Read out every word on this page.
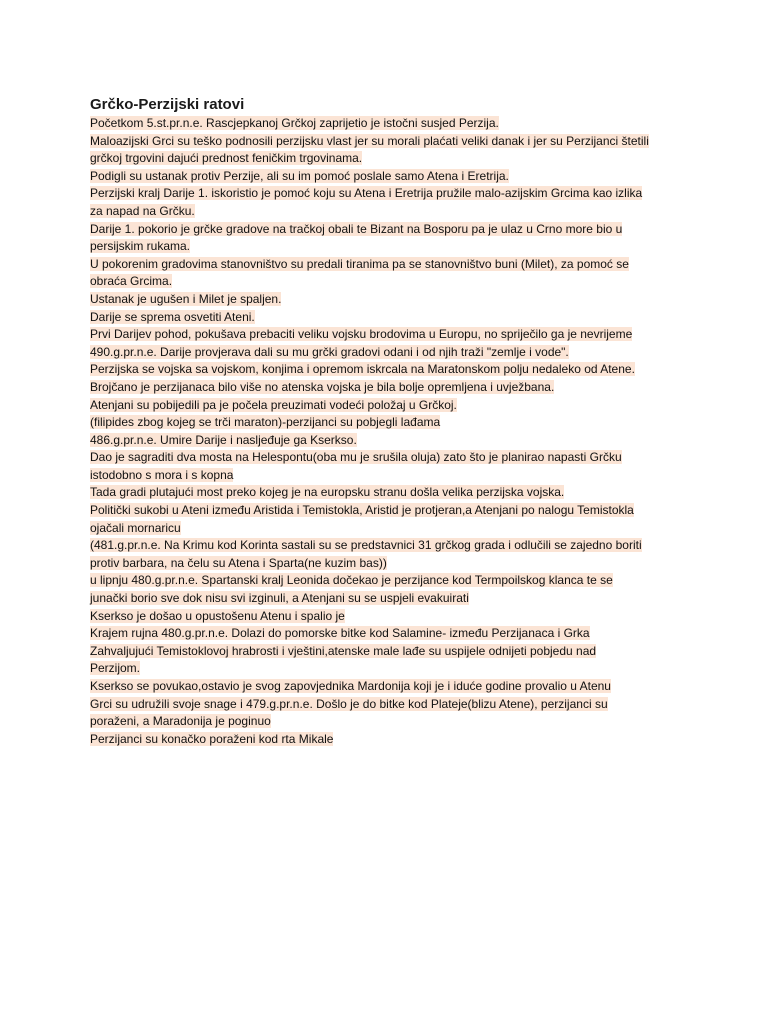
Grčko-Perzijski ratovi
Početkom 5.st.pr.n.e. Rascjepkanoj Grčkoj zaprijetio je istočni susjed Perzija.
Maloazijski Grci su teško podnosili perzijsku vlast jer su morali plaćati veliki danak i jer su Perzijanci štetili
grčkoj trgovini dajući prednost feničkim trgovinama.
Podigli su ustanak protiv Perzije, ali su im pomoć poslale samo Atena i Eretrija.
Perzijski kralj Darije 1. iskoristio je pomoć koju su Atena i Eretrija pružile malo-azijskim Grcima kao izlika
za napad na Grčku.
Darije 1. pokorio je grčke gradove na tračkoj obali te Bizant na Bosporu pa je ulaz u Crno more bio u
persijskim rukama.
U pokorenim gradovima stanovništvo su predali tiranima pa se stanovništvo buni (Milet), za pomoć se
obraća Grcima.
Ustanak je ugušen i Milet je spaljen.
Darije se sprema osvetiti Ateni.
Prvi Darijev pohod, pokušava prebaciti veliku vojsku brodovima u Europu, no spriječilo ga je nevrijeme
490.g.pr.n.e. Darije provjerava dali su mu grčki gradovi odani i od njih traži "zemlje i vode".
Perzijska se vojska sa vojskom, konjima i opremom iskrcala na Maratonskom polju nedaleko od Atene.
Brojčano je perzijanaca bilo više no atenska vojska je bila bolje opremljena i uvježbana.
Atenjani su pobijedili pa je počela preuzimati vodeći položaj u Grčkoj.
(filipides zbog kojeg se trči maraton)-perzijanci su pobjegli lađama
486.g.pr.n.e. Umire Darije i nasljeđuje ga Kserkso.
Dao je sagraditi dva mosta na Helespontu(oba mu je srušila oluja) zato što je planirao napasti Grčku
istodobno s mora i s kopna
Tada gradi plutajući most preko kojeg je na europsku stranu došla velika perzijska vojska.
Politički sukobi u Ateni između Aristida i Temistokla, Aristid je protjeran,a Atenjani po nalogu Temistokla
ojačali mornaricu
(481.g.pr.n.e. Na Krimu kod Korinta sastali su se predstavnici 31 grčkog grada i odlučili se zajedno boriti
protiv barbara, na čelu su Atena i Sparta(ne kuzim bas))
u lipnju 480.g.pr.n.e. Spartanski kralj Leonida dočekao je perzijance kod Termpoilskog klanca te se
junački borio sve dok nisu svi izginuli, a Atenjani su se uspjeli evakuirati
Kserkso je došao u opustošenu Atenu i spalio je
Krajem rujna 480.g.pr.n.e. Dolazi do pomorske bitke kod Salamine- između Perzijanaca i Grka
Zahvaljujući Temistoklovoj hrabrosti i vještini,atenske male lađe su uspijele odnijeti pobjedu nad
Perzijom.
Kserkso se povukao,ostavio je svog zapovjednika Mardonija koji je i iduće godine provalio u Atenu
Grci su udružili svoje snage i 479.g.pr.n.e. Došlo je do bitke kod Plateje(blizu Atene), perzijanci su
poraženi, a Maradonija je poginuo
Perzijanci su konačko poraženi kod rta Mikale
